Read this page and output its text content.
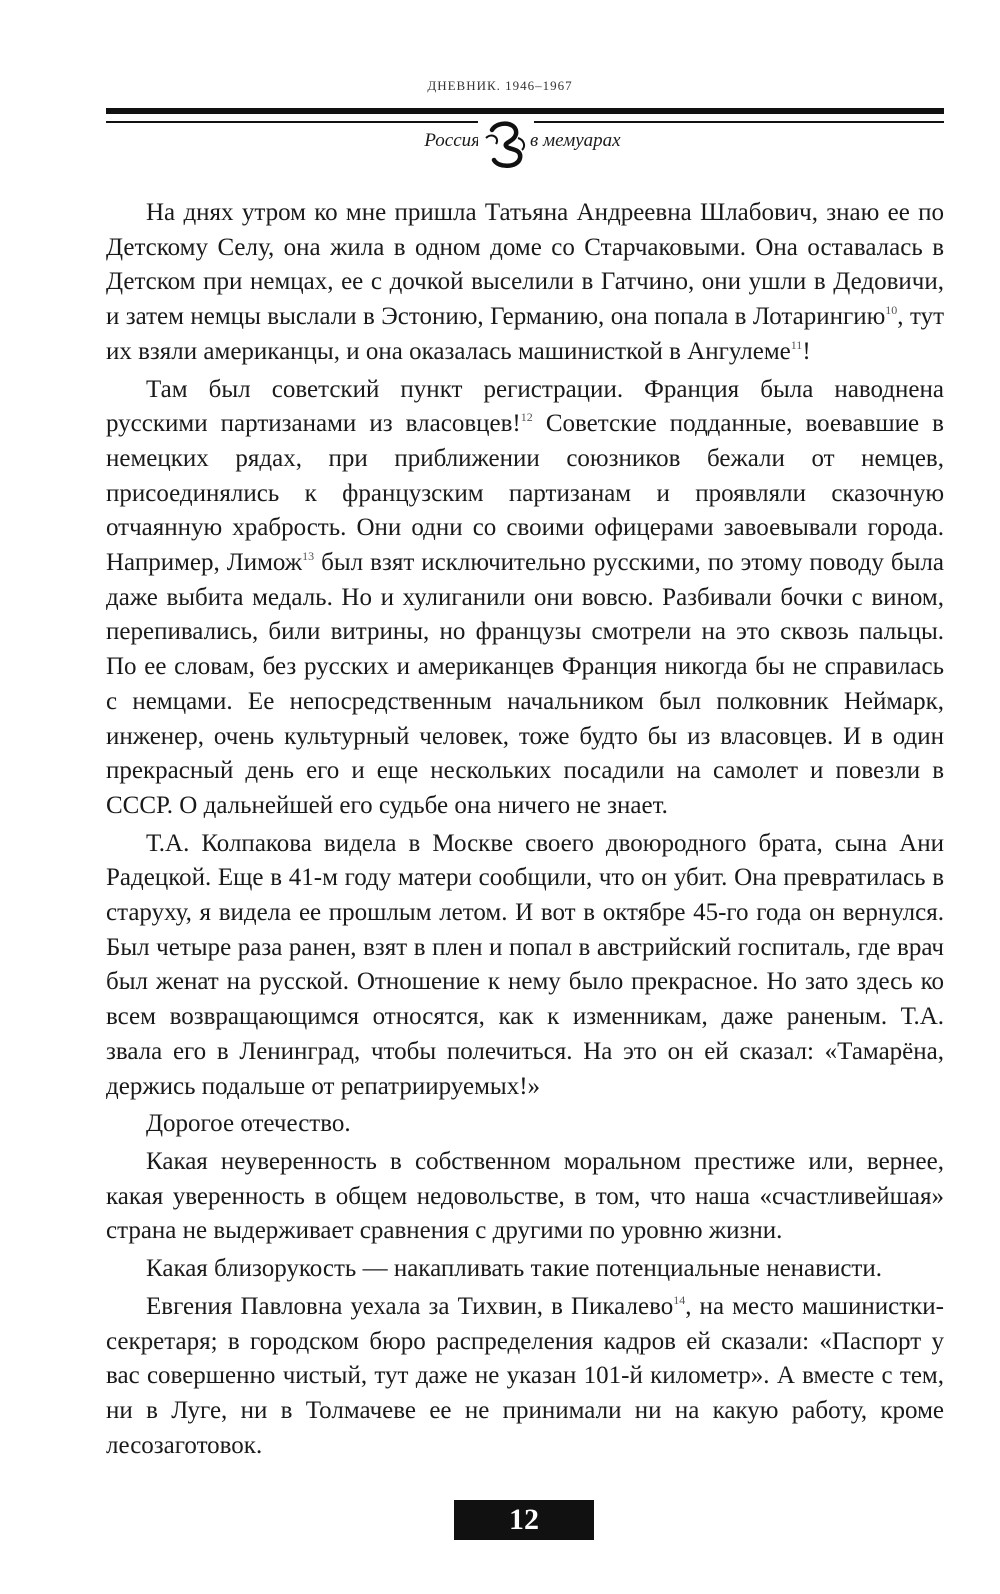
ДНЕВНИК. 1946–1967
Россия	в мемуарах

На днях утром ко мне пришла Татьяна Андреевна Шлабович, знаю ее по Детскому Селу, она жила в одном доме со Старчаковыми. Она оставалась в Детском при немцах, ее с дочкой выселили в Гатчино, они ушли в Дедовичи, и затем немцы выслали в Эстонию, Германию, она попала в Лотарингию$^{10}$, тут их взяли американцы, и она оказалась машинисткой в Ангулеме$^{11}$!

Там был советский пункт регистрации. Франция была наводнена русскими партизанами из власовцев!$^{12}$ Советские подданные, воевавшие в немецких рядах, при приближении союзников бежали от немцев, присоединялись к французским партизанам и проявляли сказочную отчаянную храбрость. Они одни со своими офицерами завоевывали города. Например, Лимож$^{13}$ был взят исключительно русскими, по этому поводу была даже выбита медаль. Но и хулиганили они вовсю. Разбивали бочки с вином, перепивались, били витрины, но французы смотрели на это сквозь пальцы. По ее словам, без русских и американцев Франция никогда бы не справилась с немцами. Ее непосредственным начальником был полковник Неймарк, инженер, очень культурный человек, тоже будто бы из власовцев. И в один прекрасный день его и еще нескольких посадили на самолет и повезли в СССР. О дальнейшей его судьбе она ничего не знает.

Т.А. Колпакова видела в Москве своего двоюродного брата, сына Ани Радецкой. Еще в 41-м году матери сообщили, что он убит. Она превратилась в старуху, я видела ее прошлым летом. И вот в октябре 45-го года он вернулся. Был четыре раза ранен, взят в плен и попал в австрийский госпиталь, где врач был женат на русской. Отношение к нему было прекрасное. Но зато здесь ко всем возвращающимся относятся, как к изменникам, даже раненым. Т.А. звала его в Ленинград, чтобы полечиться. На это он ей сказал: «Тамарёна, держись подальше от репатриируемых!»

Дорогое отечество.

Какая неуверенность в собственном моральном престиже или, вернее, какая уверенность в общем недовольстве, в том, что наша «счастливейшая» страна не выдерживает сравнения с другими по уровню жизни.

Какая близорукость — накапливать такие потенциальные ненависти.

Евгения Павловна уехала за Тихвин, в Пикалево$^{14}$, на место машинистки-секретаря; в городском бюро распределения кадров ей сказали: «Паспорт у вас совершенно чистый, тут даже не указан 101-й километр». А вместе с тем, ни в Луге, ни в Толмачеве ее не принимали ни на какую работу, кроме лесозаготовок.

12
